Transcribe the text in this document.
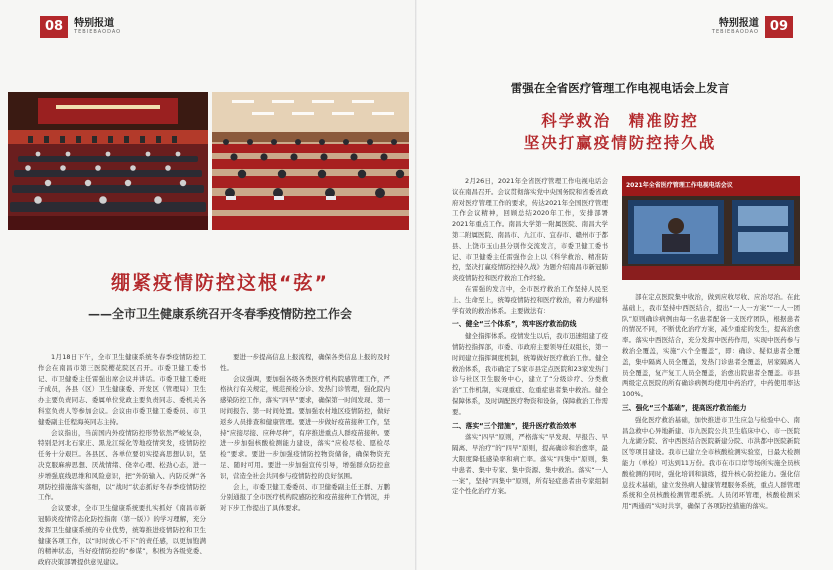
08	特别报道
TEBIEBAODAO
绷紧疫情防控这根“弦”
——全市卫生健康系统召开冬春季疫情防控工作会

1月18日下午，全市卫生健康系统冬春季疫情防控工作会在南昌市第三医院樱花院区召开。市委卫健工委书记、市卫健委主任雷强出席会议并讲话。市委卫健工委班子成员，各县（区）卫生健康委、开发区（管理局）卫生办主要负责同志、委属单位党政主要负责同志、委机关各科室负责人等参加会议。会议由市委卫健工委委员、市卫健委副主任程海英同志主持。

会议指出，当前国内外疫情防控形势依然严峻复杂，特别是河北石家庄、黑龙江绥化等地疫情突发，疫情防控任务十分艰巨。各县区、各单位要切实提高思想认识，坚决克服麻痹思想、厌战情绪、侥幸心理、松劲心态，进一步增强底线思维和风险意识，把“外防输入、内防反弹”各项防控措施落实落细，以“战时”状态抓好冬春季疫情防控工作。

会议要求，全市卫生健康系统要扎实抓好《南昌市新冠肺炎疫情常态化防控指南（第一版）》的学习理解，充分发挥卫生健康系统的专业优势，统筹推进疫情防控和卫生健康各项工作，以“时时放心不下”的责任感，以更加饱满的精神状态，当好疫情防控的“参谋”，积极为各级党委、政府决策部署提供意见建议。

要进一步提高信息上报流程，确保各类信息上报的及时性。

会议强调，要加强各级各类医疗机构院感管理工作，严格执行有关规定，规范预检分诊、发热门诊管理，强化院内感染防控工作，落实“四早”要求，确保第一时间发现、第一时间报告、第一时间处置。要加强农村地区疫情防控，做好返乡人员排查和健康管理。要进一步做好疫苗接种工作，坚持“应接尽接、应种尽种”，有序推进重点人群疫苗接种。要进一步加强核酸检测能力建设，落实“应检尽检、愿检尽检”要求。要进一步加强疫情防控物资储备，确保物资充足、随时可用。要进一步加强宣传引导，增强群众防控意识，营造全社会共同参与疫情防控的良好氛围。

会上，市委卫健工委委员、市卫健委副主任王群、万鹏分别通报了全市医疗机构院感防控和疫苗接种工作情况，并对下步工作提出了具体要求。

09
特别报道
TEBIEBAODAO
雷强在全省医疗管理工作电视电话会上发言
科学救治　精准防控
坚决打赢疫情防控持久战

2月26日，2021年全省医疗管理工作电视电话会议在南昌召开。会议贯彻落实党中央国务院和省委省政府对医疗管理工作的要求，传达2021年全国医疗管理工作会议精神，回顾总结2020年工作，安排部署2021年重点工作。南昌大学第一附属医院、南昌大学第二附属医院、南昌市、九江市、宜春市、赣州市于都县、上饶市玉山县分别作交流发言，市委卫健工委书记、市卫健委主任雷强作会上以《科学救治、精准防控，坚决打赢疫情防控持久战》为题介绍南昌市新冠肺炎疫情防控和医疗救治工作经验。

在雷强的发言中，全市医疗救治工作坚持人民至上、生命至上，统筹疫情防控和医疗救治，着力构建科学有效的救治体系。主要做法有：

一、健全“三个体系”，筑牢医疗救治防线

健全指挥体系。疫情发生以后，我市迅速组建了疫情防控指挥部，市委、市政府主要领导任双组长，第一时间建立指挥调度机制，统筹做好医疗救治工作。健全救治体系，我市确定了5家市县定点医院和23家发热门诊与社区卫生服务中心，建立了“分级诊疗、分类救治”工作机制，实现重症、危重症患者集中救治。健全保障体系，及时调配医疗物资和设备，保障救治工作需要。

二、落实“三个措施”，提升医疗救治效率

落实“四早”原则，严格落实“早发现、早报告、早隔离、早治疗”的“四早”原则，提高确诊和治愈率，最大限度降低感染率和病亡率。落实“四集中”原则，集中患者、集中专家、集中资源、集中救治。落实“一人一案”，坚持“四集中”原则，所有轻症患者由专家组制定个性化治疗方案。

2021年全省医疗管理工作电视电话会议

部在定点医院集中收治，做到应收尽收、应治尽治。在此基础上，我市坚持中西医结合，提出“一人一方案”“一人一团队”原则确诊病例由每一名患者配备一支医疗团队，根据患者的情况不同，不断优化治疗方案，减少重症的发生，提高治愈率。落实中西医结合，充分发挥中医药作用，实现中医药参与救治全覆盖，实施“六个全覆盖”，即：确诊、疑似患者全覆盖，集中隔离人员全覆盖，发热门诊患者全覆盖，居家隔离人员全覆盖，复产复工人员全覆盖，治愈出院患者全覆盖。市县两级定点医院的所有确诊病例均使用中药治疗，中药使用率达100%。

三、强化“三个基础”，提高医疗救治能力

强化医疗救治基础，加快推进市卫生应急与检验中心、南昌急救中心异地新建、市九医院公共卫生临床中心、市一医院九龙湖分院、省中西医结合医院新建分院、市洪都中医院新院区等项目建设。我市已建立全市核酸检测实验室，日最大检测能力（单检）可达到11万份。我市在市口岸等场所实施全员核酸检测的同时，强化培训和演练，提升核心防控能力。强化信息技术基础，建立发热病人健康管理服务系统，重点人群管理系统和全员核酸检测管理系统。人员闭环管理，核酸检测采用“两通码”实时共享，确保了各项防控措施的落实。
